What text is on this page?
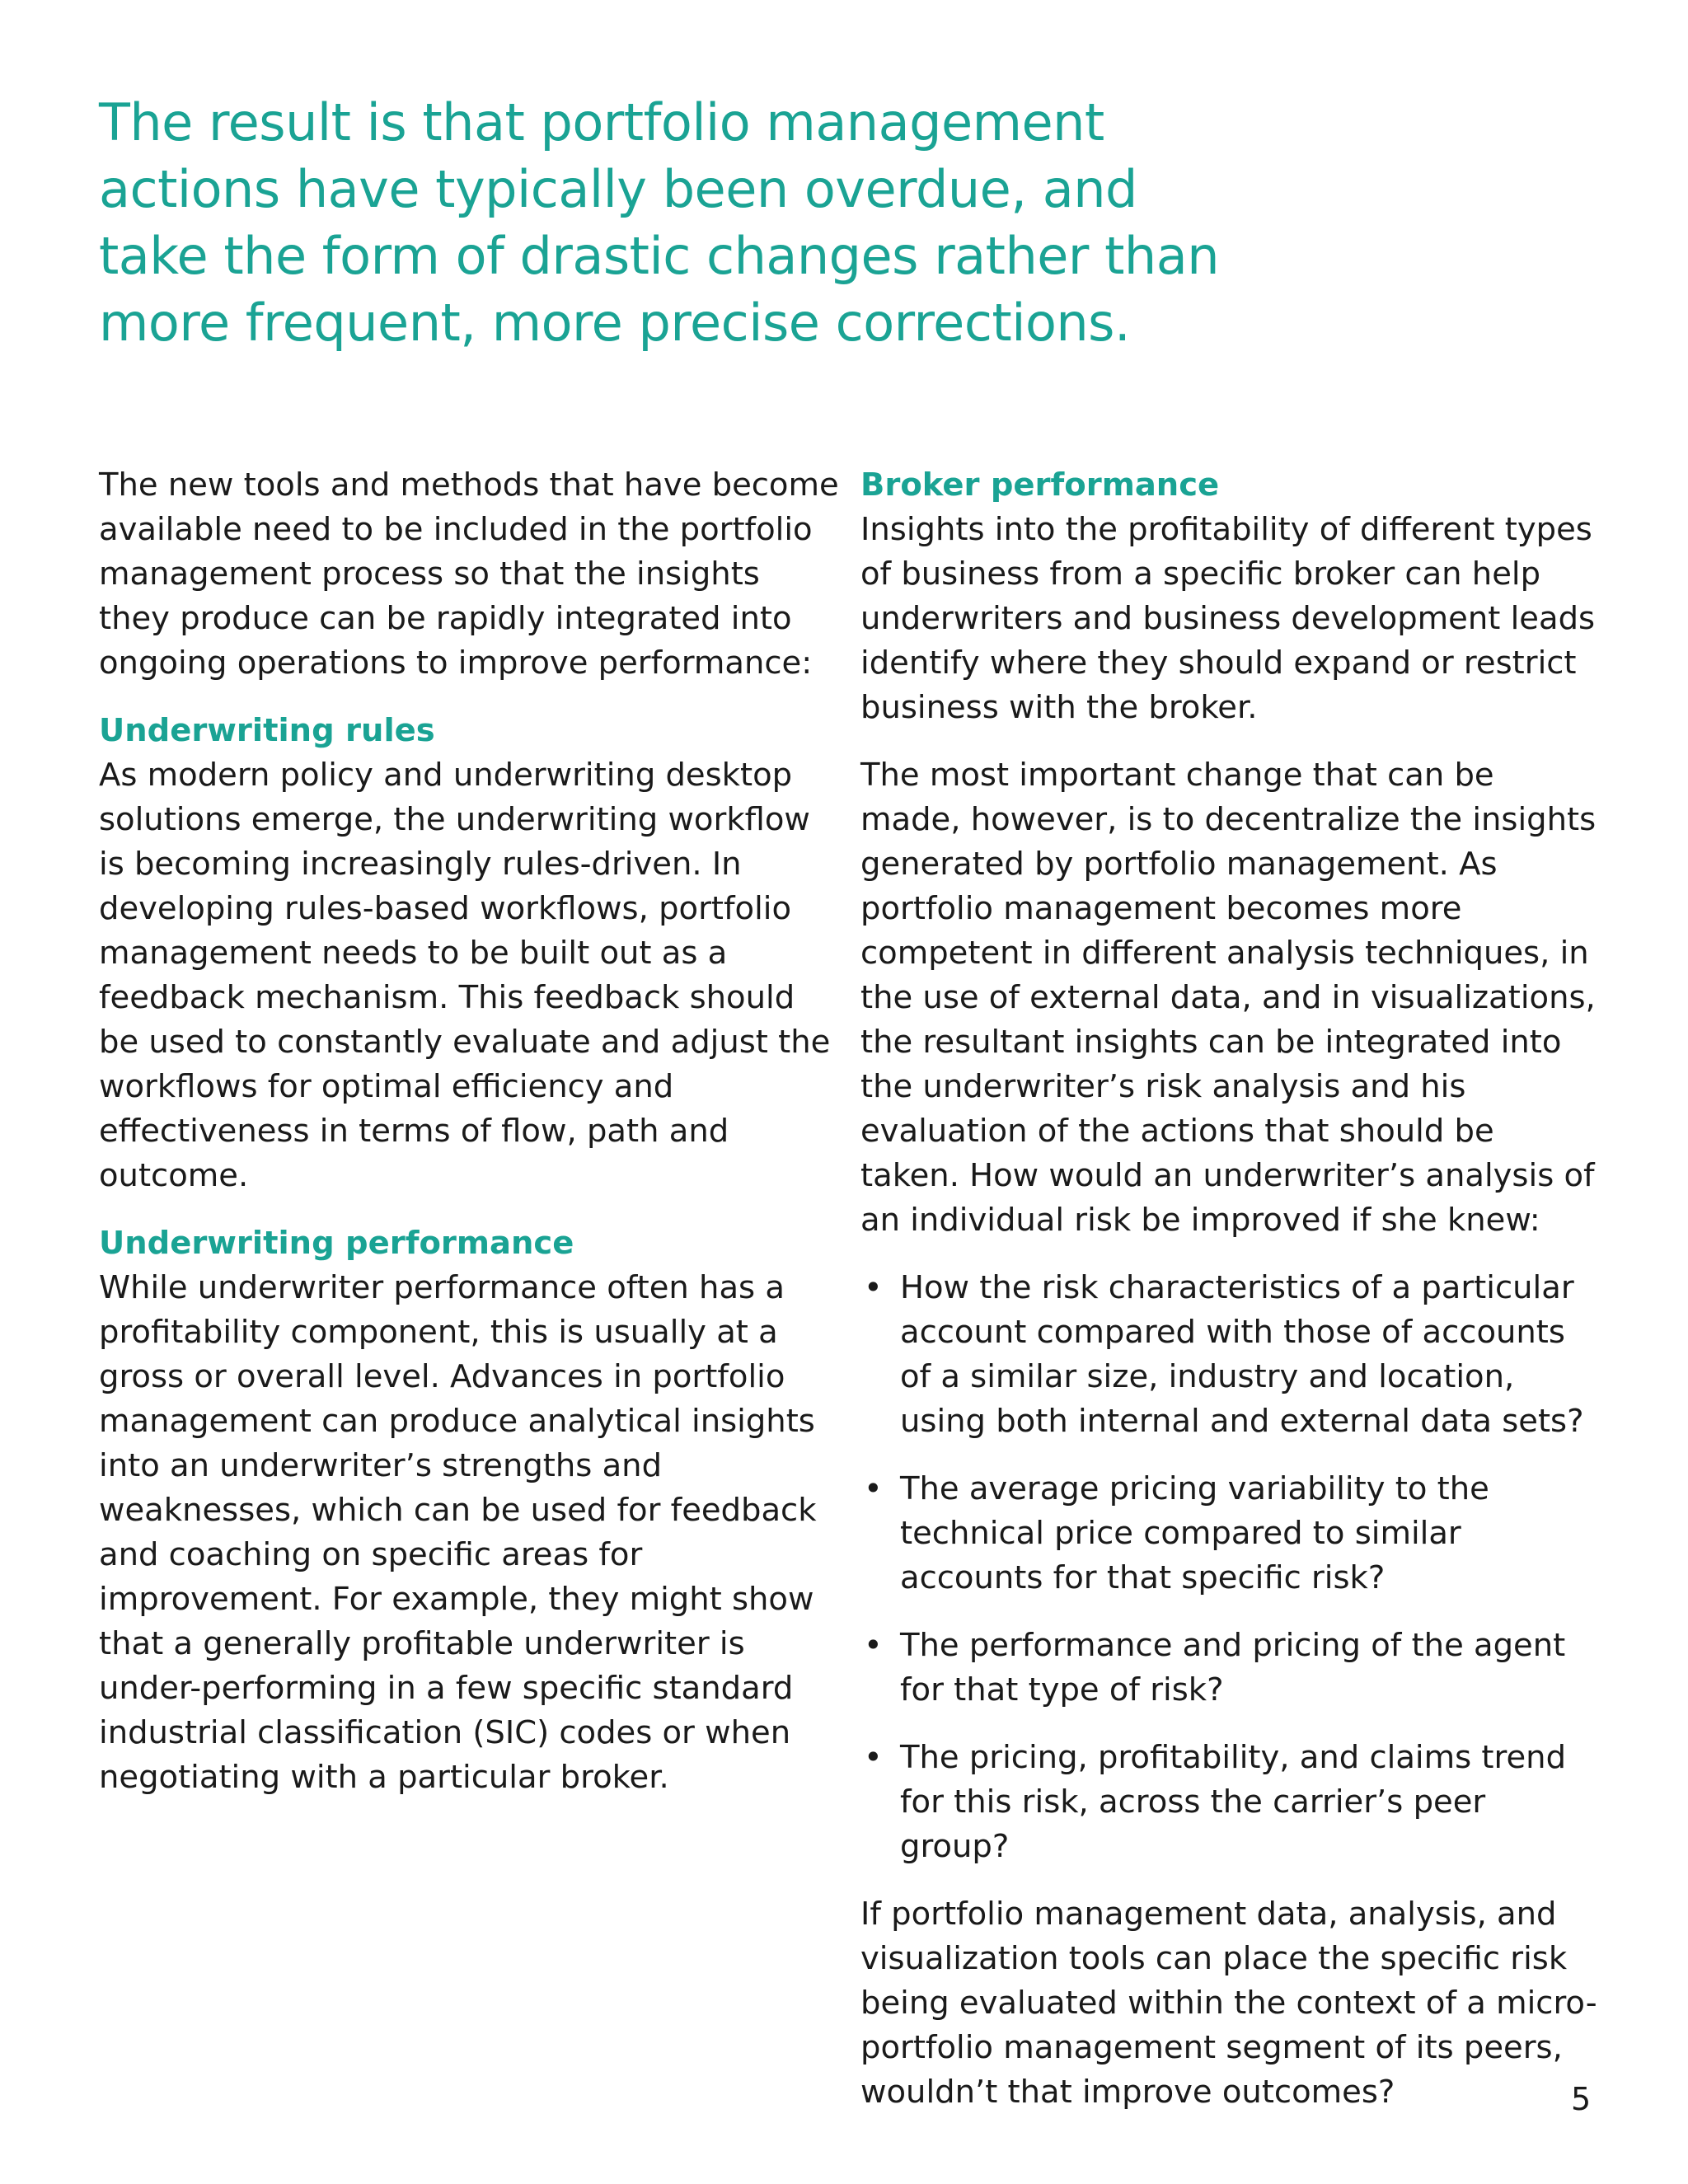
The result is that portfolio management actions have typically been overdue, and take the form of drastic changes rather than more frequent, more precise corrections.

The new tools and methods that have become available need to be included in the portfolio management process so that the insights they produce can be rapidly integrated into ongoing operations to improve performance:

Underwriting rules
As modern policy and underwriting desktop solutions emerge, the underwriting workflow is becoming increasingly rules-driven. In developing rules-based workflows, portfolio management needs to be built out as a feedback mechanism. This feedback should be used to constantly evaluate and adjust the workflows for optimal efficiency and effectiveness in terms of flow, path and outcome.
Underwriting performance
While underwriter performance often has a profitability component, this is usually at a gross or overall level. Advances in portfolio management can produce analytical insights into an underwriter’s strengths and weaknesses, which can be used for feedback and coaching on specific areas for improvement. For example, they might show that a generally profitable underwriter is under-performing in a few specific standard industrial classification (SIC) codes or when negotiating with a particular broker.
Broker performance
Insights into the profitability of different types of business from a specific broker can help underwriters and business development leads identify where they should expand or restrict business with the broker.

The most important change that can be made, however, is to decentralize the insights generated by portfolio management. As portfolio management becomes more competent in different analysis techniques, in the use of external data, and in visualizations, the resultant insights can be integrated into the underwriter’s risk analysis and his evaluation of the actions that should be taken. How would an underwriter’s analysis of an individual risk be improved if she knew:

• How the risk characteristics of a particular account compared with those of accounts of a similar size, industry and location, using both internal and external data sets?
• The average pricing variability to the technical price compared to similar accounts for that specific risk?
• The performance and pricing of the agent for that type of risk?
• The pricing, profitability, and claims trend for this risk, across the carrier’s peer group?

If portfolio management data, analysis, and visualization tools can place the specific risk being evaluated within the context of a micro-portfolio management segment of its peers, wouldn’t that improve outcomes?	5
